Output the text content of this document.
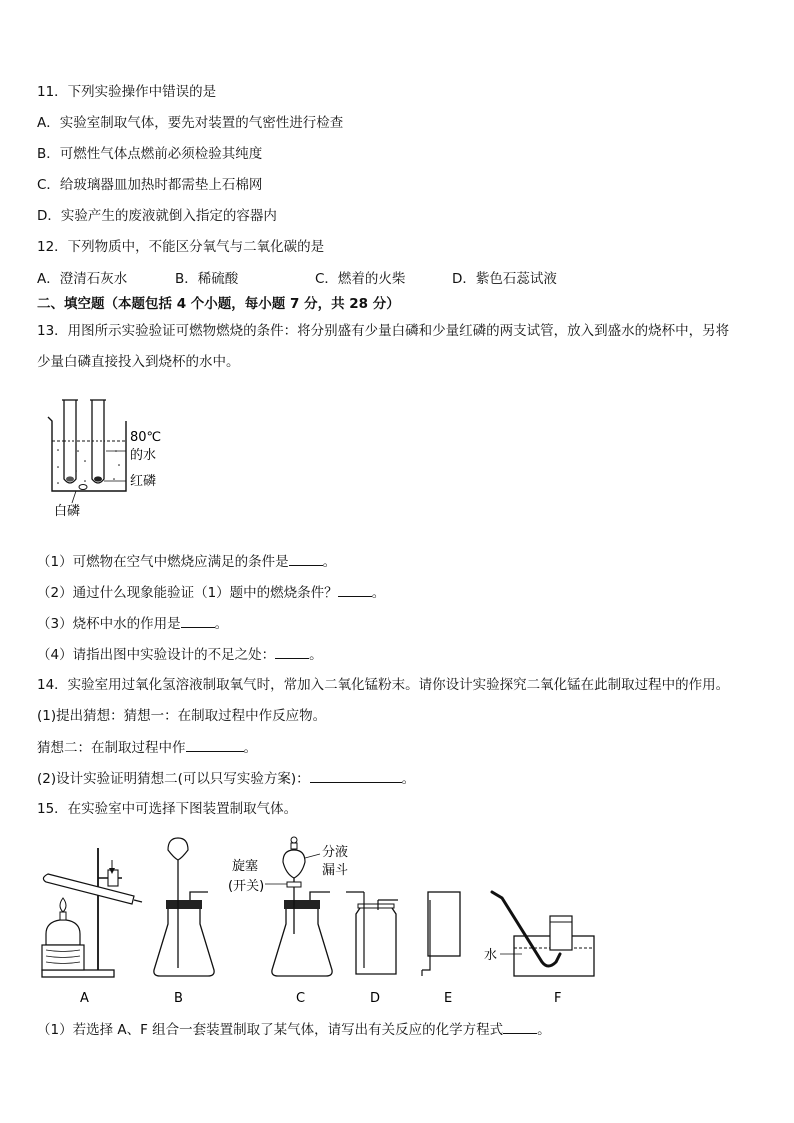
11．下列实验操作中错误的是
A．实验室制取气体，要先对装置的气密性进行检查
B．可燃性气体点燃前必须检验其纯度
C．给玻璃器皿加热时都需垫上石棉网
D．实验产生的废液就倒入指定的容器内
12．下列物质中，不能区分氧气与二氧化碳的是
A．澄清石灰水	B．稀硫酸	C．燃着的火柴	D．紫色石蕊试液
二、填空题（本题包括 4 个小题，每小题 7 分，共 28 分）
13．用图所示实验验证可燃物燃烧的条件：将分别盛有少量白磷和少量红磷的两支试管，放入到盛水的烧杯中，另将
少量白磷直接投入到烧杯的水中。
80℃
的水
红磷
白磷
（1）可燃物在空气中燃烧应满足的条件是	。
（2）通过什么现象能验证（1）题中的燃烧条件？	。
（3）烧杯中水的作用是	。
（4）请指出图中实验设计的不足之处：	。
14．实验室用过氧化氢溶液制取氧气时，常加入二氧化锰粉末。请你设计实验探究二氧化锰在此制取过程中的作用。
(1)提出猜想：猜想一：在制取过程中作反应物。
猜想二：在制取过程中作	。
(2)设计实验证明猜想二(可以只写实验方案)：	。
15．在实验室中可选择下图装置制取气体。
旋塞
(开关)
分液
漏斗
水
A	B	C	D	E	F
（1）若选择 A、F 组合一套装置制取了某气体，请写出有关反应的化学方程式	。
